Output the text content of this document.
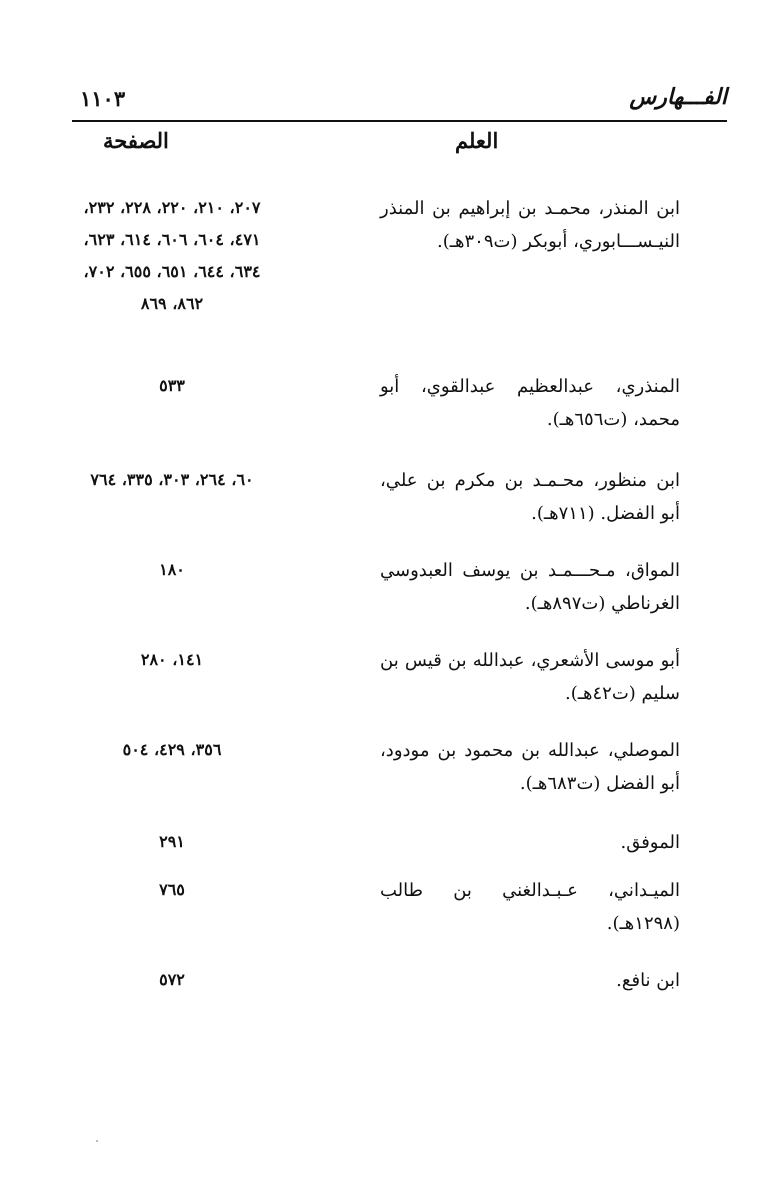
الفـــهارس
١١٠٣
العلم
الصفحة
ابن المنذر، محمـد بن إبراهيم بن المنذر النيـســـابوري، أبوبكر (ت٣٠٩هـ).
٢٠٧، ٢١٠، ٢٢٠، ٢٢٨، ٢٣٢، ٤٧١، ٦٠٤، ٦٠٦، ٦١٤، ٦٢٣، ٦٣٤، ٦٤٤، ٦٥١، ٦٥٥، ٧٠٢، ٨٦٢، ٨٦٩
المنذري، عبدالعظيم عبدالقوي، أبو محمد، (ت٦٥٦هـ).
٥٣٣
ابن منظور، محـمـد بن مكرم بن علي، أبو الفضل. (٧١١هـ).
٦٠، ٢٦٤، ٣٠٣، ٣٣٥، ٧٦٤
المواق، مـحـــمـد بن يوسف العبدوسي الغرناطي (ت٨٩٧هـ).
١٨٠
أبو موسى الأشعري، عبدالله بن قيس بن سليم (ت٤٢هـ).
١٤١، ٢٨٠
الموصلي، عبدالله بن محمود بن مودود، أبو الفضل (ت٦٨٣هـ).
٣٥٦، ٤٢٩، ٥٠٤
الموفق.
٢٩١
الميـداني، عـبـدالغني بن طالب (١٢٩٨هـ).
٧٦٥
ابن نافع.
٥٧٢
